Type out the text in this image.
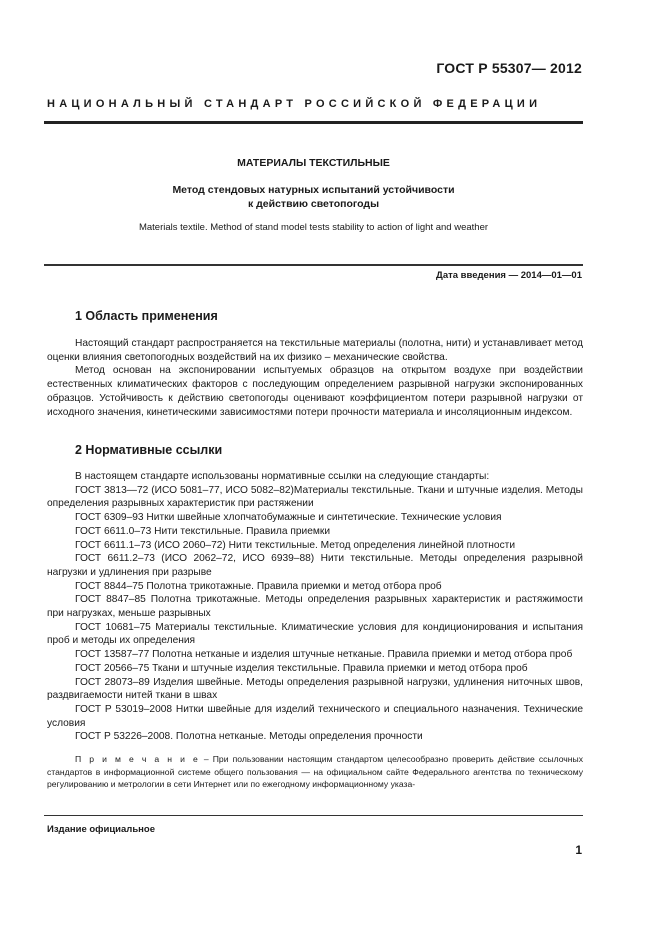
ГОСТ Р 55307— 2012
НАЦИОНАЛЬНЫЙ СТАНДАРТ РОССИЙСКОЙ ФЕДЕРАЦИИ
МАТЕРИАЛЫ ТЕКСТИЛЬНЫЕ
Метод стендовых натурных испытаний устойчивости
к действию светопогоды
Materials textile. Method of stand model tests stability to action of light and weather
Дата введения — 2014—01—01
1 Область применения

Настоящий стандарт распространяется на текстильные материалы (полотна, нити) и устанавливает метод оценки влияния светопогодных воздействий на их физико – механические свойства.

Метод основан на экспонировании испытуемых образцов на открытом воздухе при воздействии естественных климатических факторов с последующим определением разрывной нагрузки экспонированных образцов. Устойчивость к действию светопогоды оценивают коэффициентом потери разрывной нагрузки от исходного значения, кинетическими зависимостями потери прочности материала и инсоляционным индексом.

2 Нормативные ссылки

В настоящем стандарте использованы нормативные ссылки на следующие стандарты:

ГОСТ 3813—72 (ИСО 5081–77, ИСО 5082–82)Материалы текстильные. Ткани и штучные изделия. Методы определения разрывных характеристик при растяжении

ГОСТ 6309–93 Нитки швейные хлопчатобумажные и синтетические. Технические условия

ГОСТ 6611.0–73 Нити текстильные. Правила приемки

ГОСТ 6611.1–73 (ИСО 2060–72) Нити текстильные. Метод определения линейной плотности

ГОСТ 6611.2–73 (ИСО 2062–72, ИСО 6939–88) Нити текстильные. Методы определения разрывной нагрузки и удлинения при разрыве

ГОСТ 8844–75 Полотна трикотажные. Правила приемки и метод отбора проб

ГОСТ 8847–85 Полотна трикотажные. Методы определения разрывных характеристик и растяжимости при нагрузках, меньше разрывных

ГОСТ 10681–75 Материалы текстильные. Климатические условия для кондиционирования и испытания проб и методы их определения

ГОСТ 13587–77 Полотна нетканые и изделия штучные нетканые. Правила приемки и метод отбора проб

ГОСТ 20566–75 Ткани и штучные изделия текстильные. Правила приемки и метод отбора проб

ГОСТ 28073–89 Изделия швейные. Методы определения разрывной нагрузки, удлинения ниточных швов, раздвигаемости нитей ткани в швах

ГОСТ Р 53019–2008 Нитки швейные для изделий технического и специального назначения. Технические условия

ГОСТ Р 53226–2008. Полотна нетканые. Методы определения прочности

П р и м е ч а н и е – При пользовании настоящим стандартом целесообразно проверить действие ссылочных стандартов в информационной системе общего пользования — на официальном сайте Федерального агентства по техническому регулированию и метрологии в сети Интернет или по ежегодному информационному указа-

Издание официальное
1
